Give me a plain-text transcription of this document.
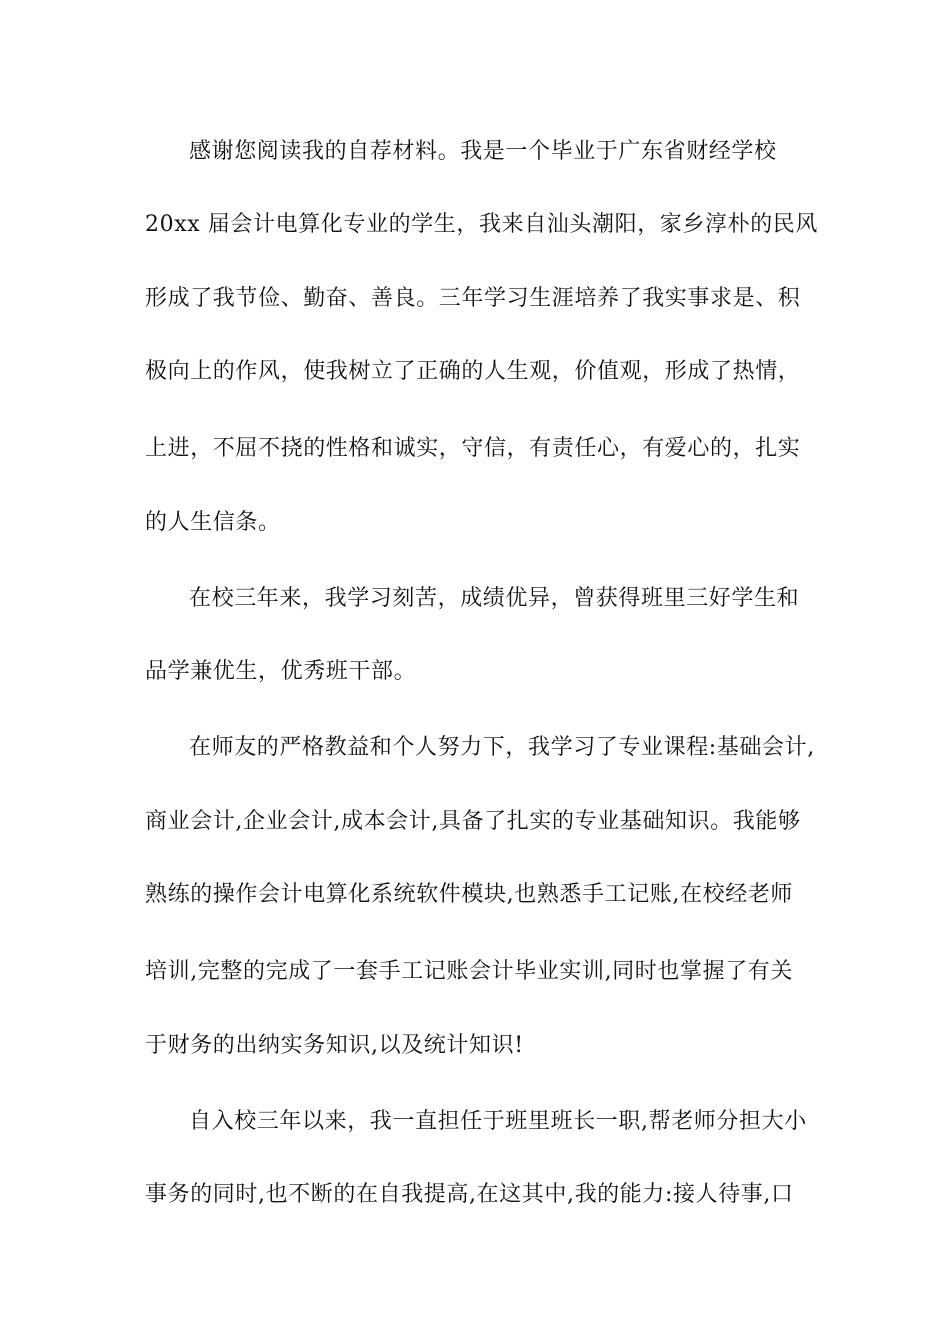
感谢您阅读我的自荐材料。我是一个毕业于广东省财经学校
20xx 届会计电算化专业的学生，我来自汕头潮阳，家乡淳朴的民风
形成了我节俭、勤奋、善良。三年学习生涯培养了我实事求是、积
极向上的作风，使我树立了正确的人生观，价值观，形成了热情，
上进，不屈不挠的性格和诚实，守信，有责任心，有爱心的，扎实
的人生信条。
在校三年来，我学习刻苦，成绩优异，曾获得班里三好学生和
品学兼优生，优秀班干部。
在师友的严格教益和个人努力下，我学习了专业课程:基础会计,
商业会计,企业会计,成本会计,具备了扎实的专业基础知识。我能够
熟练的操作会计电算化系统软件模块,也熟悉手工记账,在校经老师
培训,完整的完成了一套手工记账会计毕业实训,同时也掌握了有关
于财务的出纳实务知识,以及统计知识!
自入校三年以来，我一直担任于班里班长一职,帮老师分担大小
事务的同时,也不断的在自我提高,在这其中,我的能力:接人待事,口
